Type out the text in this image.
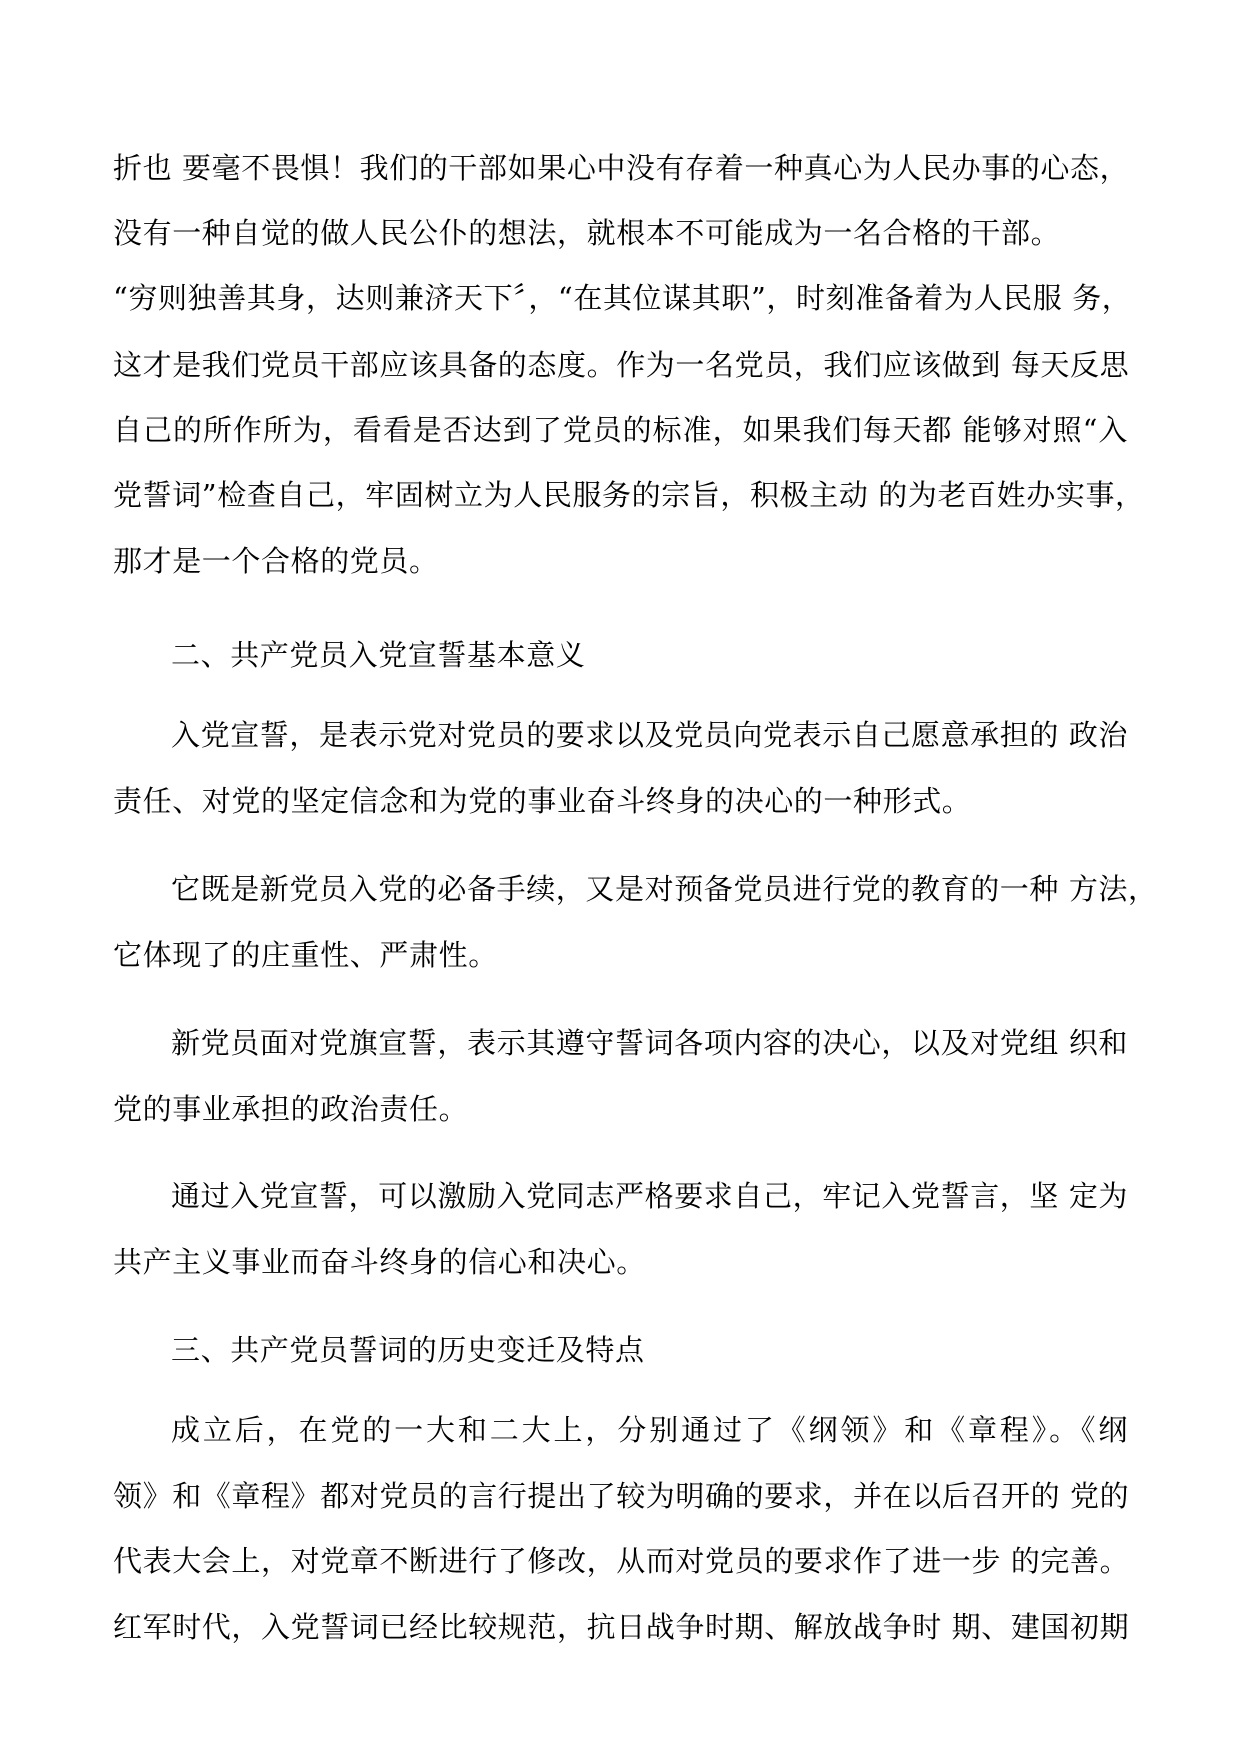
折也 要毫不畏惧！我们的干部如果心中没有存着一种真心为人民办事的心态，
没有一种自觉的做人民公仆的想法，就根本不可能成为一名合格的干部。
“穷则独善其身，达则兼济天下〞，“在其位谋其职”，时刻准备着为人民服 务，
这才是我们党员干部应该具备的态度。作为一名党员，我们应该做到 每天反思
自己的所作所为，看看是否达到了党员的标准，如果我们每天都 能够对照“入
党誓词”检查自己，牢固树立为人民服务的宗旨，积极主动 的为老百姓办实事，
那才是一个合格的党员。
二、共产党员入党宣誓基本意义
入党宣誓，是表示党对党员的要求以及党员向党表示自己愿意承担的 政治
责任、对党的坚定信念和为党的事业奋斗终身的决心的一种形式。
它既是新党员入党的必备手续，又是对预备党员进行党的教育的一种 方法，
它体现了的庄重性、严肃性。
新党员面对党旗宣誓，表示其遵守誓词各项内容的决心，以及对党组 织和
党的事业承担的政治责任。
通过入党宣誓，可以激励入党同志严格要求自己，牢记入党誓言，坚 定为
共产主义事业而奋斗终身的信心和决心。
三、共产党员誓词的历史变迁及特点
成立后，在党的一大和二大上，分别通过了《纲领》和《章程》。《纲
领》和《章程》都对党员的言行提出了较为明确的要求，并在以后召开的 党的
代表大会上，对党章不断进行了修改，从而对党员的要求作了进一步 的完善。
红军时代，入党誓词已经比较规范，抗日战争时期、解放战争时 期、建国初期
